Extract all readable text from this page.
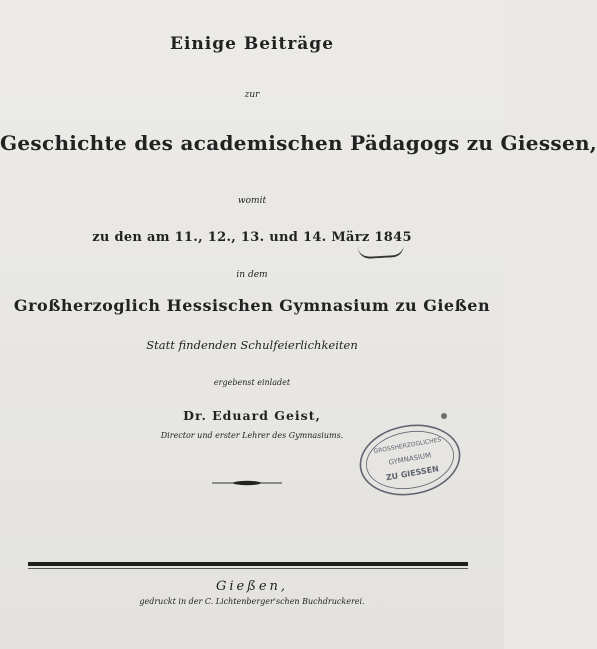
Einige Beiträge
zur
Geschichte des academischen Pädagogs zu Giessen,
womit
zu den am 11., 12., 13. und 14. März 1845
in dem
Großherzoglich Hessischen Gymnasium zu Gießen
Statt findenden Schulfeierlichkeiten
ergebenst einladet
Dr. Eduard Geist,
Director und erster Lehrer des Gymnasiums.
GROSSHERZOGLICHES
GYMNASIUM
ZU GIESSEN
Gießen,
gedruckt in der C. Lichtenberger'schen Buchdruckerei.
